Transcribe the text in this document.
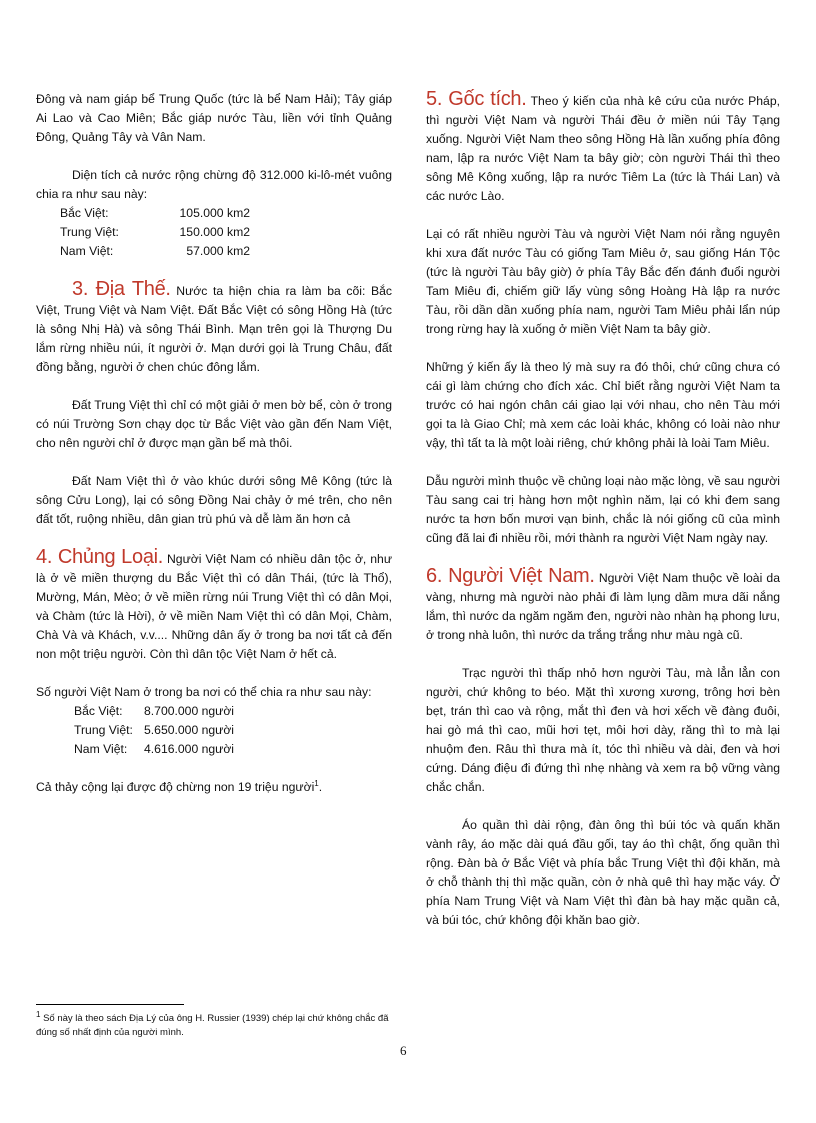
Đông và nam giáp bể Trung Quốc (tức là bể Nam Hải); Tây giáp Ai Lao và Cao Miên; Bắc giáp nước Tàu, liền với tỉnh Quảng Đông, Quảng Tây và Vân Nam.

Diện tích cả nước rộng chừng độ 312.000 ki-lô-mét vuông chia ra như sau này:

Bắc Việt:	105.000 km2
Trung Việt:	150.000 km2
Nam Việt:	57.000 km2

3. Địa Thế. Nước ta hiện chia ra làm ba cõi: Bắc Việt, Trung Việt và Nam Việt. Đất Bắc Việt có sông Hồng Hà (tức là sông Nhị Hà) và sông Thái Bình. Mạn trên gọi là Thượng Du lắm rừng nhiều núi, ít người ở. Mạn dưới gọi là Trung Châu, đất đồng bằng, người ở chen chúc đông lắm.

Đất Trung Việt thì chỉ có một giải ở men bờ bể, còn ở trong có núi Trường Sơn chạy dọc từ Bắc Việt vào gần đến Nam Việt, cho nên người chỉ ở được mạn gần bể mà thôi.

Đất Nam Việt thì ở vào khúc dưới sông Mê Kông (tức là sông Cửu Long), lại có sông Đồng Nai chảy ở mé trên, cho nên đất tốt, ruộng nhiều, dân gian trù phú và dễ làm ăn hơn cả

4. Chủng Loại. Người Việt Nam có nhiều dân tộc ở, như là ở về miền thượng du Bắc Việt thì có dân Thái, (tức là Thổ), Mường, Mán, Mèo; ở về miền rừng núi Trung Việt thì có dân Mọi, và Chàm (tức là Hời), ở về miền Nam Việt thì có dân Mọi, Chàm, Chà Và và Khách, v.v.... Những dân ấy ở trong ba nơi tất cả đến non một triệu người. Còn thì dân tộc Việt Nam ở hết cả.

Số người Việt Nam ở trong ba nơi có thể chia ra như sau này:

Bắc Việt:	8.700.000 người
Trung Việt: 5.650.000 người
Nam Việt:	4.616.000 người

Cả thảy cộng lại được độ chừng non 19 triệu người$^1$.

5. Gốc tích. Theo ý kiến của nhà kê cứu của nước Pháp, thì người Việt Nam và người Thái đều ở miền núi Tây Tạng xuống. Người Việt Nam theo sông Hồng Hà lần xuống phía đông nam, lập ra nước Việt Nam ta bây giờ; còn người Thái thì theo sông Mê Kông xuống, lập ra nước Tiêm La (tức là Thái Lan) và các nước Lào.

Lại có rất nhiều người Tàu và người Việt Nam nói rằng nguyên khi xưa đất nước Tàu có giống Tam Miêu ở, sau giống Hán Tộc (tức là người Tàu bây giờ) ở phía Tây Bắc đến đánh đuổi người Tam Miêu đi, chiếm giữ lấy vùng sông Hoàng Hà lập ra nước Tàu, rồi dần dần xuống phía nam, người Tam Miêu phải lẩn núp trong rừng hay là xuống ở miền Việt Nam ta bây giờ.

Những ý kiến ấy là theo lý mà suy ra đó thôi, chứ cũng chưa có cái gì làm chứng cho đích xác. Chỉ biết rằng người Việt Nam ta trước có hai ngón chân cái giao lại với nhau, cho nên Tàu mới gọi ta là Giao Chỉ; mà xem các loài khác, không có loài nào như vậy, thì tất ta là một loài riêng, chứ không phải là loài Tam Miêu.

Dẫu người mình thuộc về chủng loại nào mặc lòng, về sau người Tàu sang cai trị hàng hơn một nghìn năm, lại có khi đem sang nước ta hơn bốn mươi vạn binh, chắc là nói giống cũ của mình cũng đã lai đi nhiều rồi, mới thành ra người Việt Nam ngày nay.

6. Người Việt Nam. Người Việt Nam thuộc về loài da vàng, nhưng mà người nào phải đi làm lụng dầm mưa dãi nắng lắm, thì nước da ngăm ngăm đen, người nào nhàn hạ phong lưu, ở trong nhà luôn, thì nước da trắng trắng như màu ngà cũ.

Trạc người thì thấp nhỏ hơn người Tàu, mà lẳn lẳn con người, chứ không to béo. Mặt thì xương xương, trông hơi bèn bẹt, trán thì cao và rộng, mắt thì đen và hơi xếch về đàng đuôi, hai gò má thì cao, mũi hơi tẹt, môi hơi dày, răng thì to mà lại nhuộm đen. Râu thì thưa mà ít, tóc thì nhiều và dài, đen và hơi cứng. Dáng điệu đi đứng thì nhẹ nhàng và xem ra bộ vững vàng chắc chắn.

Áo quần thì dài rộng, đàn ông thì búi tóc và quấn khăn vành rây, áo mặc dài quá đầu gối, tay áo thì chật, ống quần thì rộng. Đàn bà ở Bắc Việt và phía bắc Trung Việt thì đội khăn, mà ở chỗ thành thị thì mặc quần, còn ở nhà quê thì hay mặc váy. Ở phía Nam Trung Việt và Nam Việt thì đàn bà hay mặc quần cả, và búi tóc, chứ không đội khăn bao giờ.

$^1$ Số này là theo sách Địa Lý của ông H. Russier (1939) chép lại chứ không chắc đã đúng số nhất định của người mình.
6
